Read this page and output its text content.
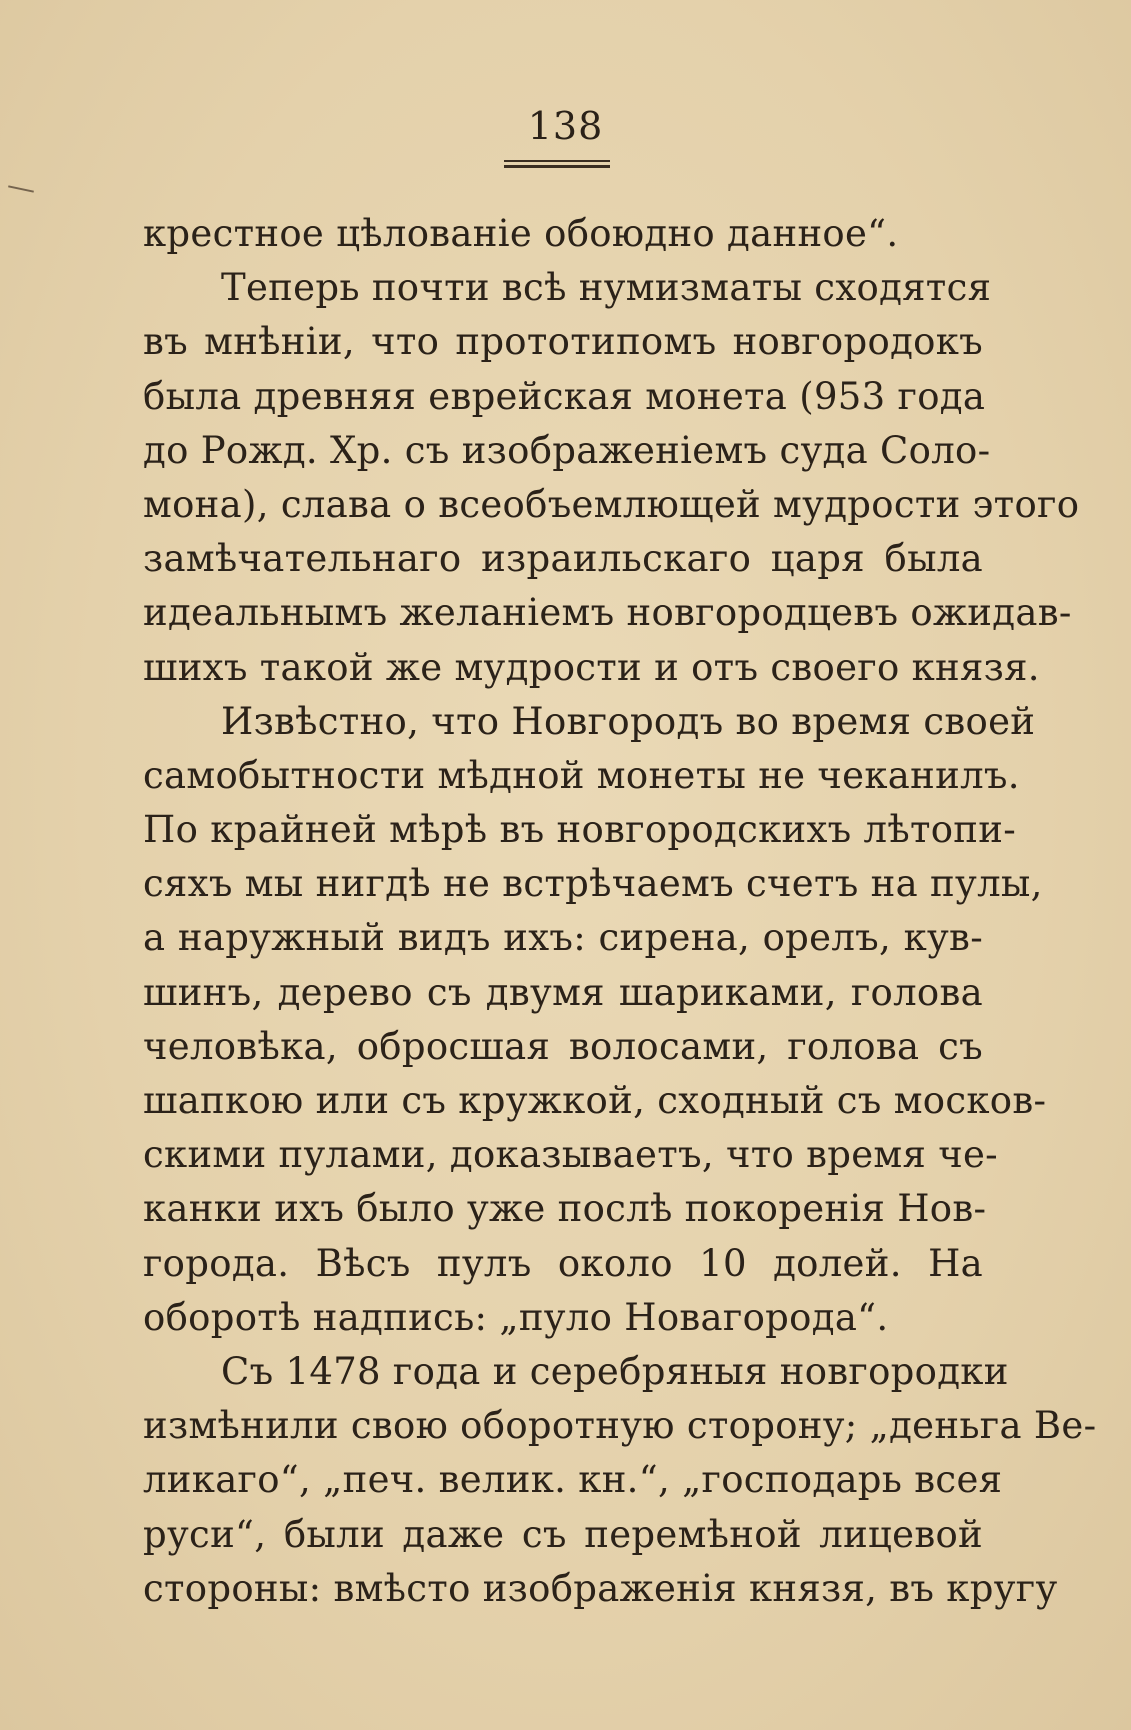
138
крестное цѣлованіе обоюдно данное“.
Теперь почти всѣ нумизматы сходятся
въ мнѣніи, что прототипомъ новгородокъ
была древняя еврейская монета (953 года
до Рожд. Хр. съ изображеніемъ суда Соло-
мона), слава о всеобъемлющей мудрости этого
замѣчательнаго израильскаго царя была
идеальнымъ желаніемъ новгородцевъ ожидав-
шихъ такой же мудрости и отъ своего князя.
Извѣстно, что Новгородъ во время своей
самобытности мѣдной монеты не чеканилъ.
По крайней мѣрѣ въ новгородскихъ лѣтопи-
сяхъ мы нигдѣ не встрѣчаемъ счетъ на пулы,
а наружный видъ ихъ: сирена, орелъ, кув-
шинъ, дерево съ двумя шариками, голова
человѣка, обросшая волосами, голова съ
шапкою или съ кружкой, сходный съ москов-
скими пулами, доказываетъ, что время че-
канки ихъ было уже послѣ покоренія Нов-
города. Вѣсъ пулъ около 10 долей. На
оборотѣ надпись: „пуло Новагорода“.
Съ 1478 года и серебряныя новгородки
измѣнили свою оборотную сторону; „деньга Ве-
ликаго“, „печ. велик. кн.“, „господарь всея
руси“, были даже съ перемѣной лицевой
стороны: вмѣсто изображенія князя, въ кругу
